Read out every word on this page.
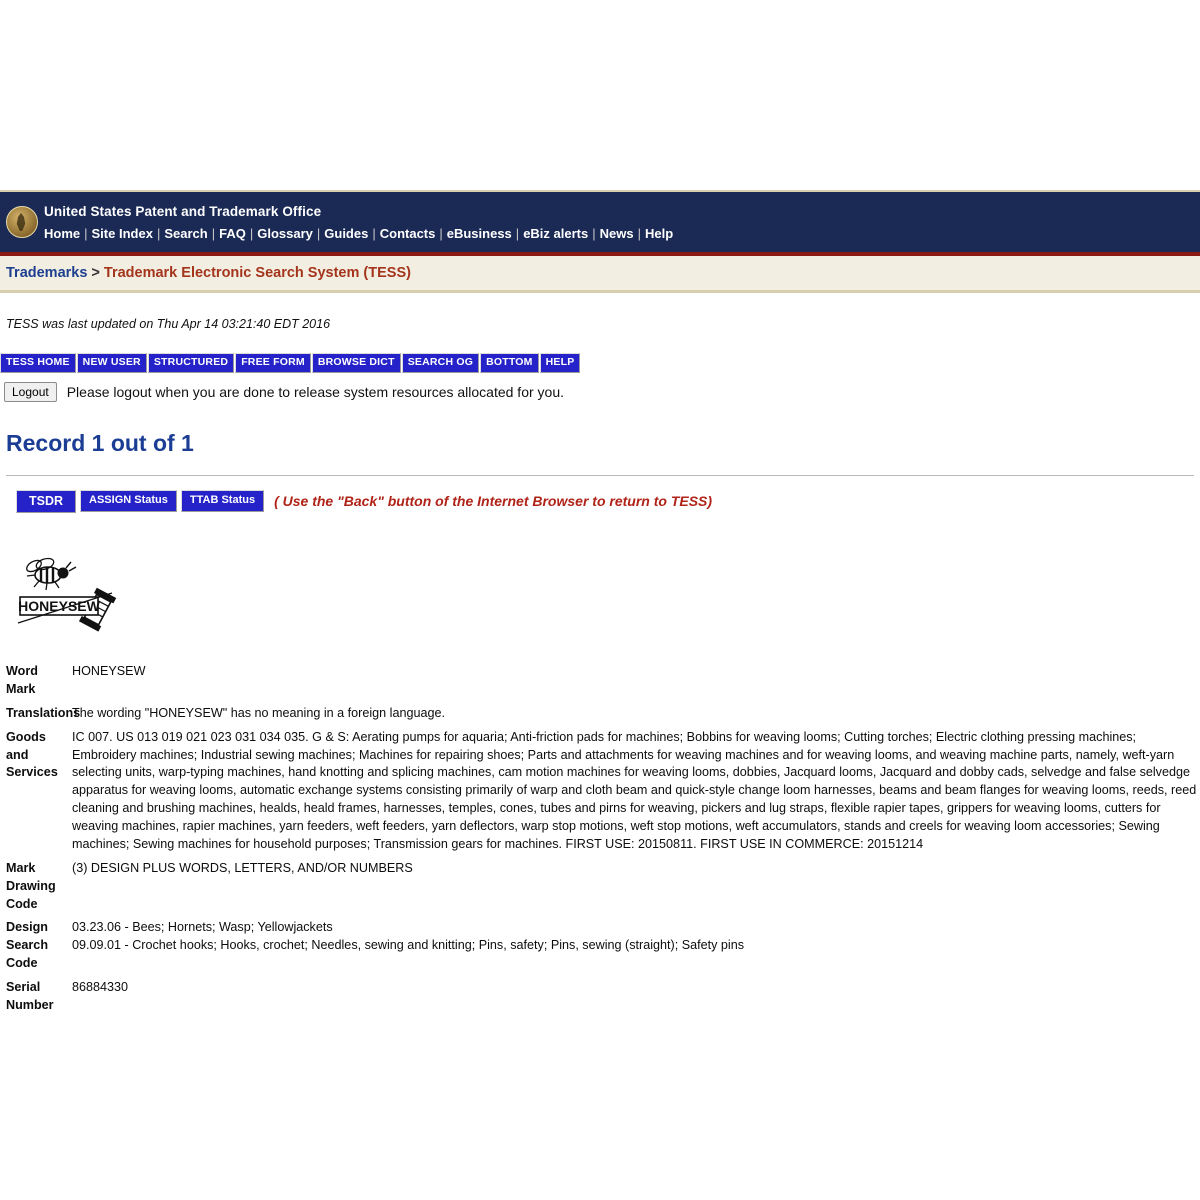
United States Patent and Trademark Office
Home | Site Index | Search | FAQ | Glossary | Guides | Contacts | eBusiness | eBiz alerts | News | Help
Trademarks > Trademark Electronic Search System (TESS)
TESS was last updated on Thu Apr 14 03:21:40 EDT 2016
TESS HOME	NEW USER	STRUCTURED	FREE FORM	BROWSE DICT	SEARCH OG	BOTTOM	HELP
Logout	Please logout when you are done to release system resources allocated for you.
Record 1 out of 1
TSDR	ASSIGN Status	TTAB Status	( Use the "Back" button of the Internet Browser to return to TESS)
HONEYSEW
Word Mark	HONEYSEW
Translations	The wording "HONEYSEW" has no meaning in a foreign language.
Goods and Services	IC 007. US 013 019 021 023 031 034 035. G & S: Aerating pumps for aquaria; Anti-friction pads for machines; Bobbins for weaving looms; Cutting torches; Electric clothing pressing machines; Embroidery machines; Industrial sewing machines; Machines for repairing shoes; Parts and attachments for weaving machines and for weaving looms, and weaving machine parts, namely, weft-yarn selecting units, warp-typing machines, hand knotting and splicing machines, cam motion machines for weaving looms, dobbies, Jacquard looms, Jacquard and dobby cads, selvedge and false selvedge apparatus for weaving looms, automatic exchange systems consisting primarily of warp and cloth beam and quick-style change loom harnesses, beams and beam flanges for weaving looms, reeds, reed cleaning and brushing machines, healds, heald frames, harnesses, temples, cones, tubes and pirns for weaving, pickers and lug straps, flexible rapier tapes, grippers for weaving looms, cutters for weaving machines, rapier machines, yarn feeders, weft feeders, yarn deflectors, warp stop motions, weft stop motions, weft accumulators, stands and creels for weaving loom accessories; Sewing machines; Sewing machines for household purposes; Transmission gears for machines. FIRST USE: 20150811. FIRST USE IN COMMERCE: 20151214
Mark Drawing Code	(3) DESIGN PLUS WORDS, LETTERS, AND/OR NUMBERS
Design Search Code	03.23.06 - Bees; Hornets; Wasp; Yellowjackets
09.09.01 - Crochet hooks; Hooks, crochet; Needles, sewing and knitting; Pins, safety; Pins, sewing (straight); Safety pins

Serial Number	86884330
